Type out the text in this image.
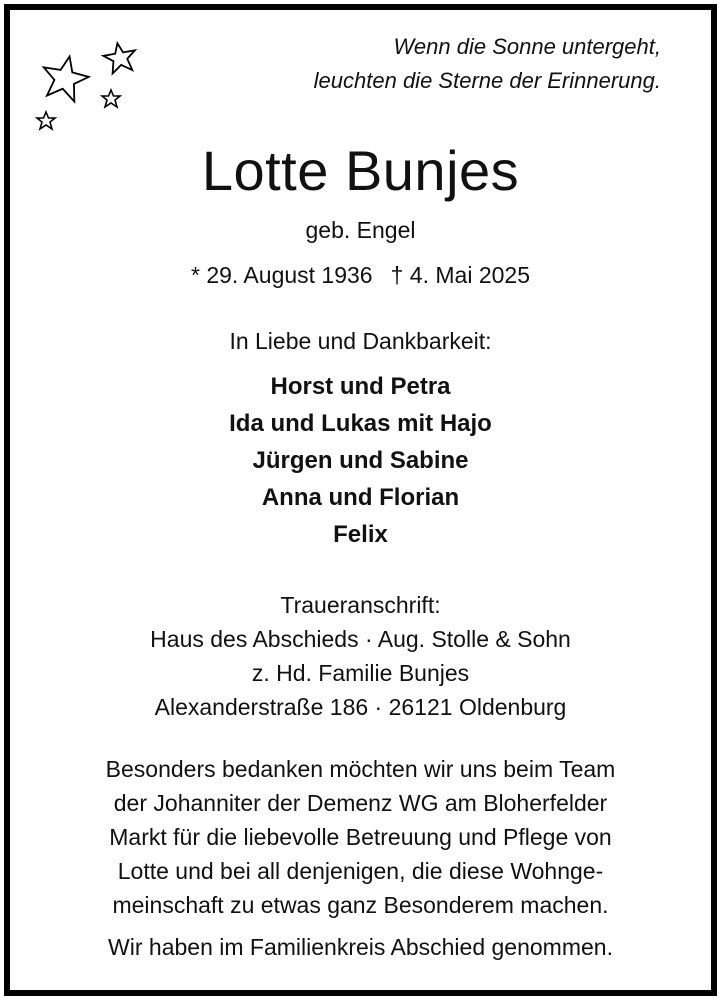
Wenn die Sonne untergeht,
leuchten die Sterne der Erinnerung.
Lotte Bunjes
geb. Engel
* 29. August 1936 † 4. Mai 2025
In Liebe und Dankbarkeit:
Horst und Petra
Ida und Lukas mit Hajo
Jürgen und Sabine
Anna und Florian
Felix
Traueranschrift:
Haus des Abschieds · Aug. Stolle & Sohn
z. Hd. Familie Bunjes
Alexanderstraße 186 · 26121 Oldenburg
Besonders bedanken möchten wir uns beim Team
der Johanniter der Demenz WG am Bloherfelder
Markt für die liebevolle Betreuung und Pflege von
Lotte und bei all denjenigen, die diese Wohnge-
meinschaft zu etwas ganz Besonderem machen.
Wir haben im Familienkreis Abschied genommen.
